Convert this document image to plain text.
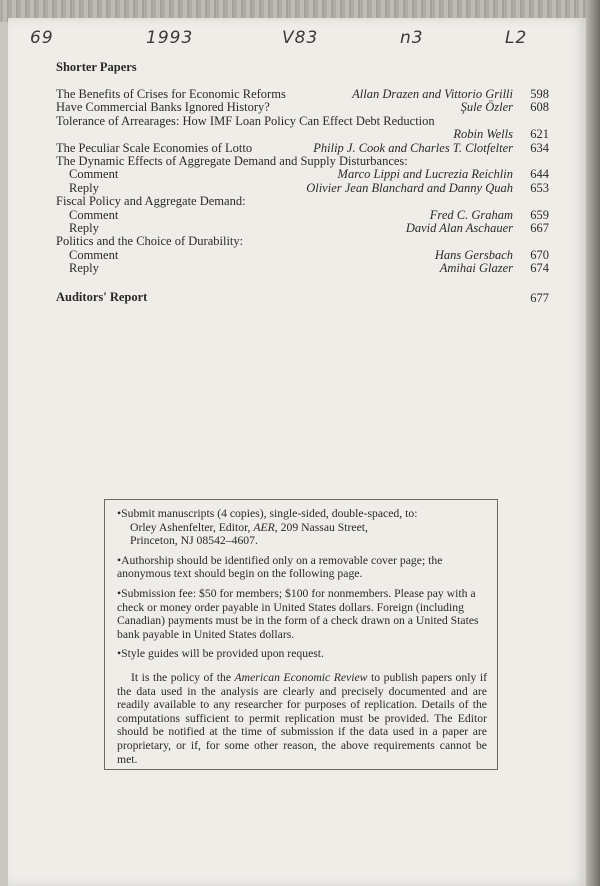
69	1993	V83	n3	L2
Shorter Papers
The Benefits of Crises for Economic Reforms	Allan Drazen and Vittorio Grilli 598
Have Commercial Banks Ignored History?	Şule Özler 608
Tolerance of Arrearages: How IMF Loan Policy Can Effect Debt Reduction
Robin Wells 621
The Peculiar Scale Economies of Lotto	Philip J. Cook and Charles T. Clotfelter 634
The Dynamic Effects of Aggregate Demand and Supply Disturbances:
Comment	Marco Lippi and Lucrezia Reichlin 644
Reply	Olivier Jean Blanchard and Danny Quah 653
Fiscal Policy and Aggregate Demand:
Comment	Fred C. Graham 659
Reply	David Alan Aschauer 667
Politics and the Choice of Durability:
Comment	Hans Gersbach 670
Reply	Amihai Glazer 674
Auditors' Report	677

• Submit manuscripts (4 copies), single-sided, double-spaced, to:

Orley Ashenfelter, Editor, AER, 209 Nassau Street,
Princeton, NJ 08542–4607.

• Authorship should be identified only on a removable cover page; the anonymous text should begin on the following page.

• Submission fee: $50 for members; $100 for nonmembers. Please pay with a check or money order payable in United States dollars. Foreign (including Canadian) payments must be in the form of a check drawn on a United States bank payable in United States dollars.

• Style guides will be provided upon request.

It is the policy of the American Economic Review to publish papers only if the data used in the analysis are clearly and precisely documented and are readily available to any researcher for purposes of replication. Details of the computations sufficient to permit replication must be provided. The Editor should be notified at the time of submission if the data used in a paper are proprietary, or if, for some other reason, the above requirements cannot be met.
